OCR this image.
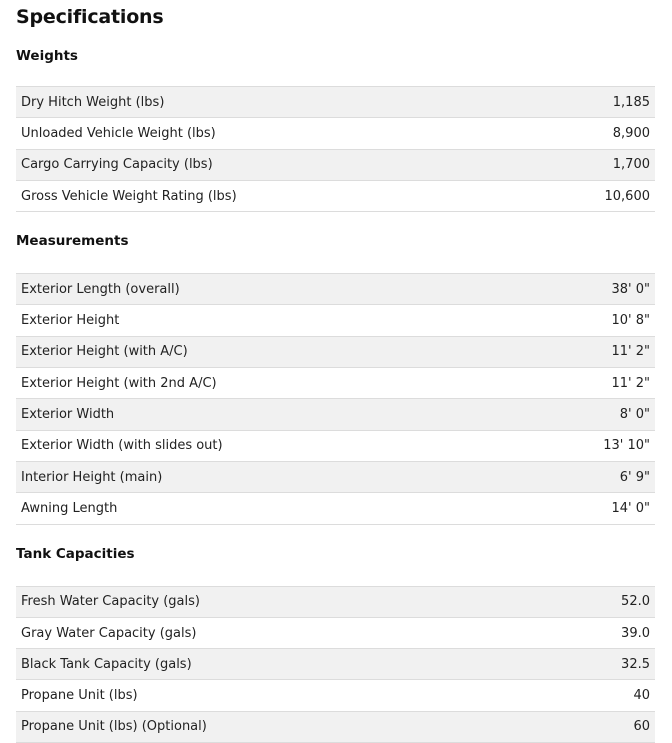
Specifications
Weights
Dry Hitch Weight (lbs)	1,185
Unloaded Vehicle Weight (lbs)	8,900
Cargo Carrying Capacity (lbs)	1,700
Gross Vehicle Weight Rating (lbs)	10,600
Measurements
Exterior Length (overall)	38' 0"
Exterior Height	10' 8"
Exterior Height (with A/C)	11' 2"
Exterior Height (with 2nd A/C)	11' 2"
Exterior Width	8' 0"
Exterior Width (with slides out)	13' 10"
Interior Height (main)	6' 9"
Awning Length	14' 0"
Tank Capacities
Fresh Water Capacity (gals)	52.0
Gray Water Capacity (gals)	39.0
Black Tank Capacity (gals)	32.5
Propane Unit (lbs)	40
Propane Unit (lbs) (Optional)	60
